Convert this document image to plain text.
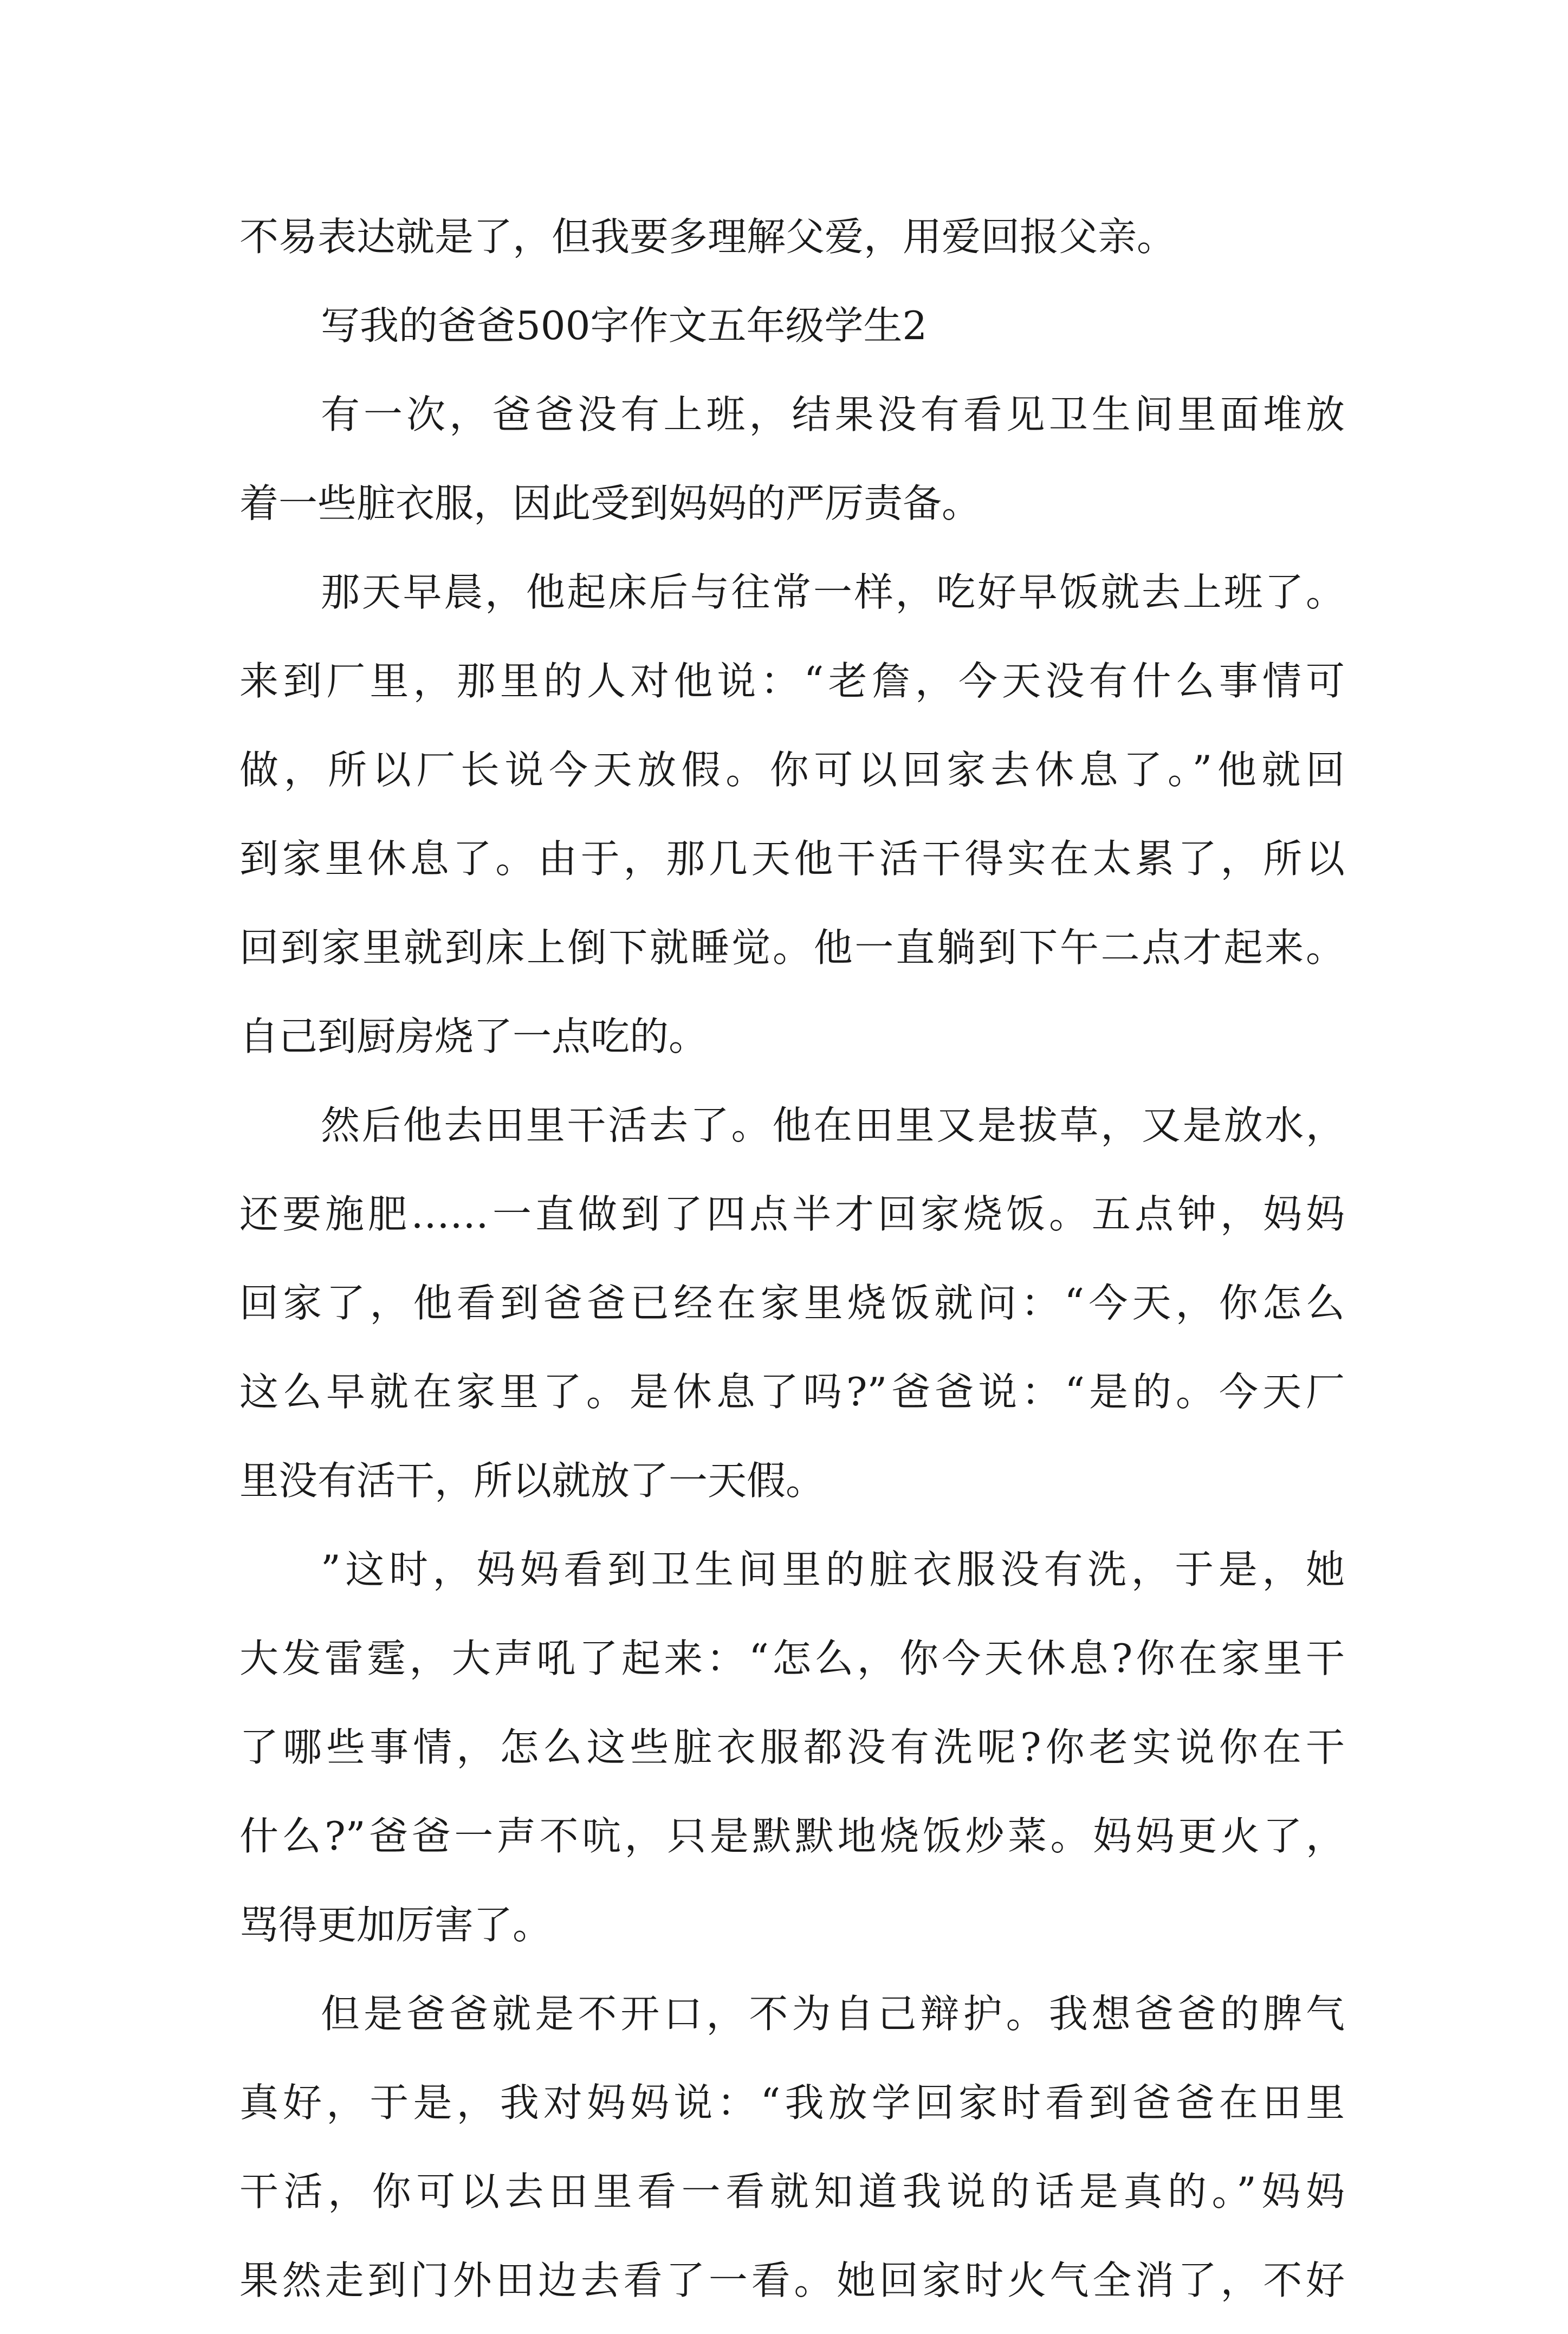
不易表达就是了，但我要多理解父爱，用爱回报父亲。
写我的爸爸500字作文五年级学生2
有一次，爸爸没有上班，结果没有看见卫生间里面堆放
着一些脏衣服，因此受到妈妈的严厉责备。
那天早晨，他起床后与往常一样，吃好早饭就去上班了。
来到厂里，那里的人对他说：“老詹，今天没有什么事情可
做，所以厂长说今天放假。你可以回家去休息了。”他就回
到家里休息了。由于，那几天他干活干得实在太累了，所以
回到家里就到床上倒下就睡觉。他一直躺到下午二点才起来。
自己到厨房烧了一点吃的。
然后他去田里干活去了。他在田里又是拔草，又是放水，
还要施肥……一直做到了四点半才回家烧饭。五点钟，妈妈
回家了，他看到爸爸已经在家里烧饭就问：“今天，你怎么
这么早就在家里了。是休息了吗?”爸爸说：“是的。今天厂
里没有活干，所以就放了一天假。
”这时，妈妈看到卫生间里的脏衣服没有洗，于是，她
大发雷霆，大声吼了起来：“怎么，你今天休息?你在家里干
了哪些事情，怎么这些脏衣服都没有洗呢?你老实说你在干
什么?”爸爸一声不吭，只是默默地烧饭炒菜。妈妈更火了，
骂得更加厉害了。
但是爸爸就是不开口，不为自己辩护。我想爸爸的脾气
真好，于是，我对妈妈说：“我放学回家时看到爸爸在田里
干活，你可以去田里看一看就知道我说的话是真的。”妈妈
果然走到门外田边去看了一看。她回家时火气全消了，不好
